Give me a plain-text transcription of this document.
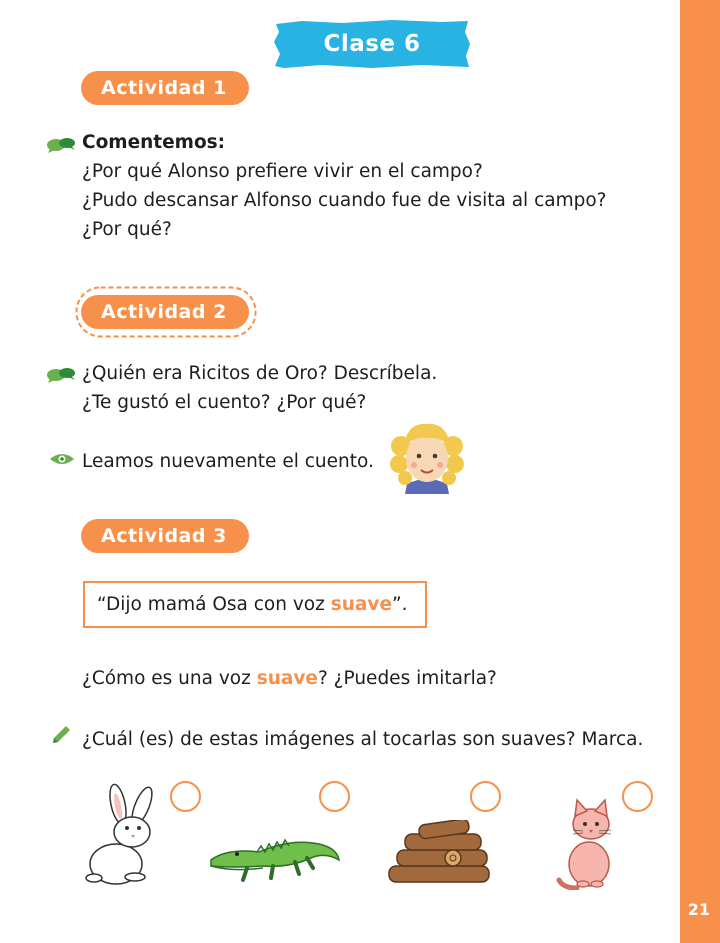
21
Clase 6
Actividad 1
Comentemos:
¿Por qué Alonso prefiere vivir en el campo?
¿Pudo descansar Alfonso cuando fue de visita al campo?
¿Por qué?
Actividad 2
¿Quién era Ricitos de Oro? Descríbela.
¿Te gustó el cuento? ¿Por qué?
Leamos nuevamente el cuento.
Actividad 3
“Dijo mamá Osa con voz suave”.
¿Cómo es una voz suave? ¿Puedes imitarla?
¿Cuál (es) de estas imágenes al tocarlas son suaves? Marca.
